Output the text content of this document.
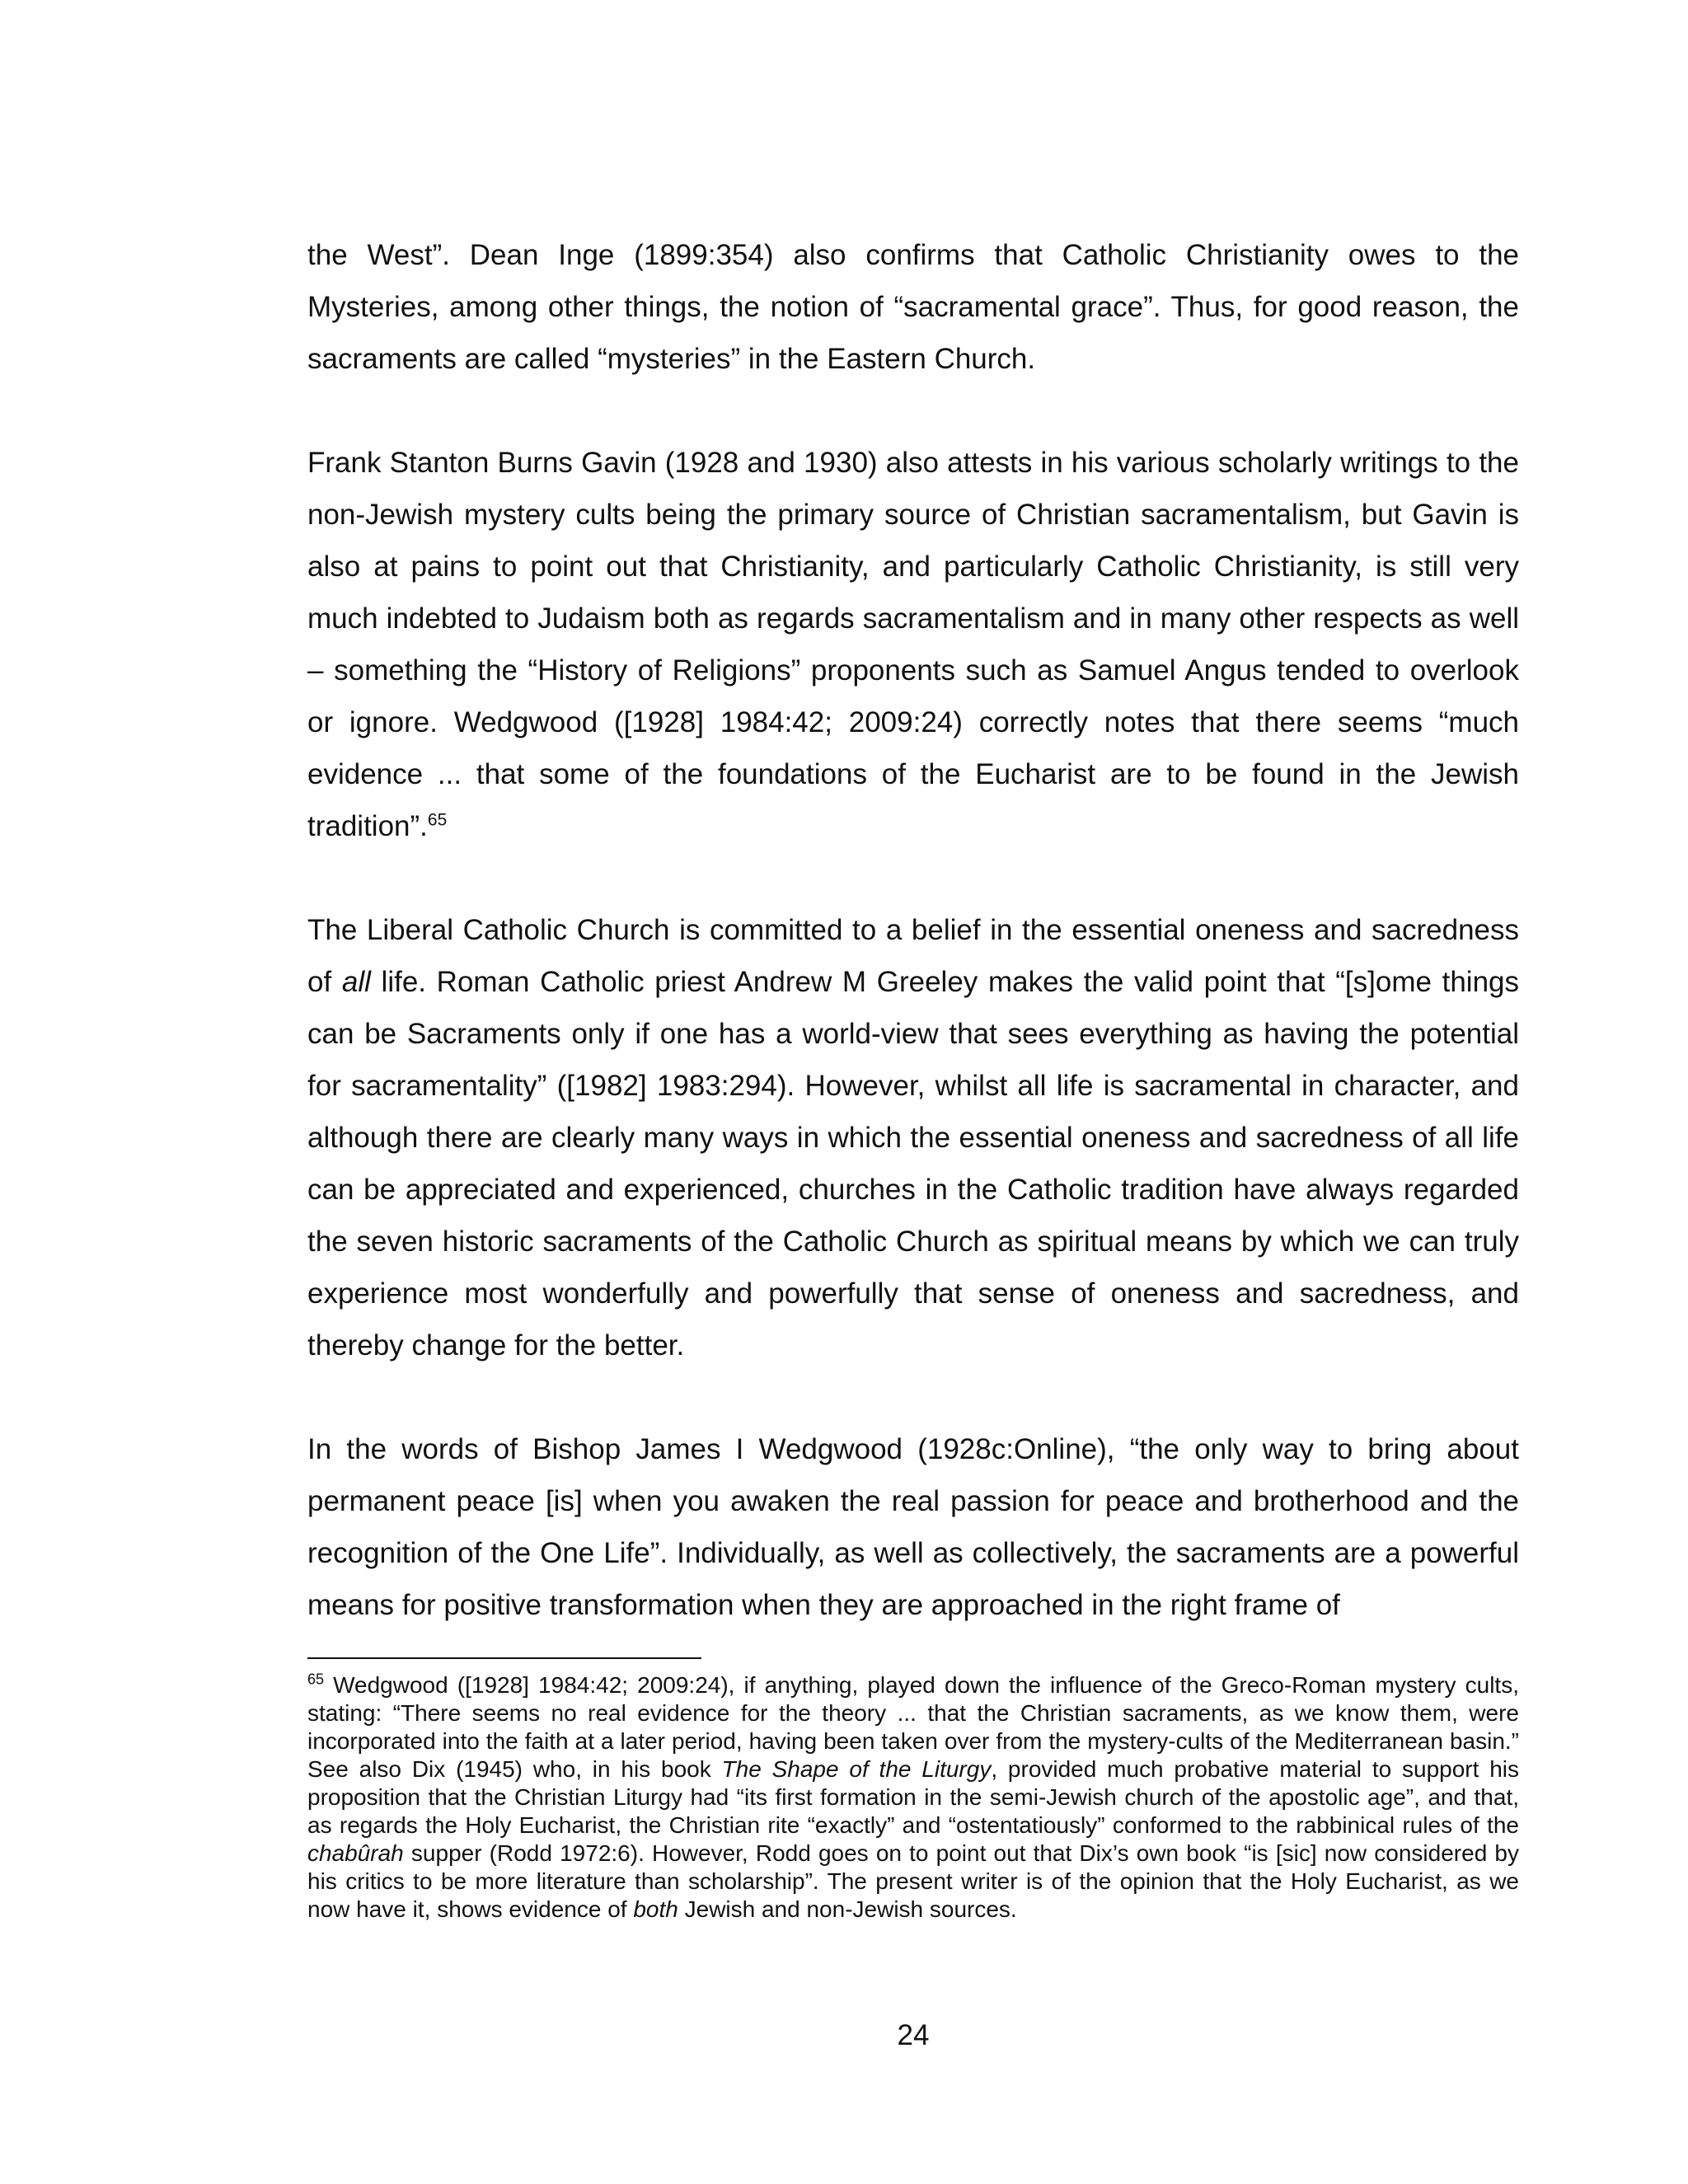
the West”. Dean Inge (1899:354) also confirms that Catholic Christianity owes to the Mysteries, among other things, the notion of “sacramental grace”. Thus, for good reason, the sacraments are called “mysteries” in the Eastern Church.

Frank Stanton Burns Gavin (1928 and 1930) also attests in his various scholarly writings to the non-Jewish mystery cults being the primary source of Christian sacramentalism, but Gavin is also at pains to point out that Christianity, and particularly Catholic Christianity, is still very much indebted to Judaism both as regards sacramentalism and in many other respects as well – something the “History of Religions” proponents such as Samuel Angus tended to overlook or ignore. Wedgwood ([1928] 1984:42; 2009:24) correctly notes that there seems “much evidence ... that some of the foundations of the Eucharist are to be found in the Jewish tradition”.$^{65}$

The Liberal Catholic Church is committed to a belief in the essential oneness and sacredness of all life. Roman Catholic priest Andrew M Greeley makes the valid point that “[s]ome things can be Sacraments only if one has a world-view that sees everything as having the potential for sacramentality” ([1982] 1983:294). However, whilst all life is sacramental in character, and although there are clearly many ways in which the essential oneness and sacredness of all life can be appreciated and experienced, churches in the Catholic tradition have always regarded the seven historic sacraments of the Catholic Church as spiritual means by which we can truly experience most wonderfully and powerfully that sense of oneness and sacredness, and thereby change for the better.

In the words of Bishop James I Wedgwood (1928c:Online), “the only way to bring about permanent peace [is] when you awaken the real passion for peace and brotherhood and the recognition of the One Life”. Individually, as well as collectively, the sacraments are a powerful means for positive transformation when they are approached in the right frame of

$^{65}$ Wedgwood ([1928] 1984:42; 2009:24), if anything, played down the influence of the Greco-Roman mystery cults, stating: “There seems no real evidence for the theory ... that the Christian sacraments, as we know them, were incorporated into the faith at a later period, having been taken over from the mystery-cults of the Mediterranean basin.” See also Dix (1945) who, in his book The Shape of the Liturgy, provided much probative material to support his proposition that the Christian Liturgy had “its first formation in the semi-Jewish church of the apostolic age”, and that, as regards the Holy Eucharist, the Christian rite “exactly” and “ostentatiously” conformed to the rabbinical rules of the chabûrah supper (Rodd 1972:6). However, Rodd goes on to point out that Dix’s own book “is [sic] now considered by his critics to be more literature than scholarship”. The present writer is of the opinion that the Holy Eucharist, as we now have it, shows evidence of both Jewish and non-Jewish sources.

24
